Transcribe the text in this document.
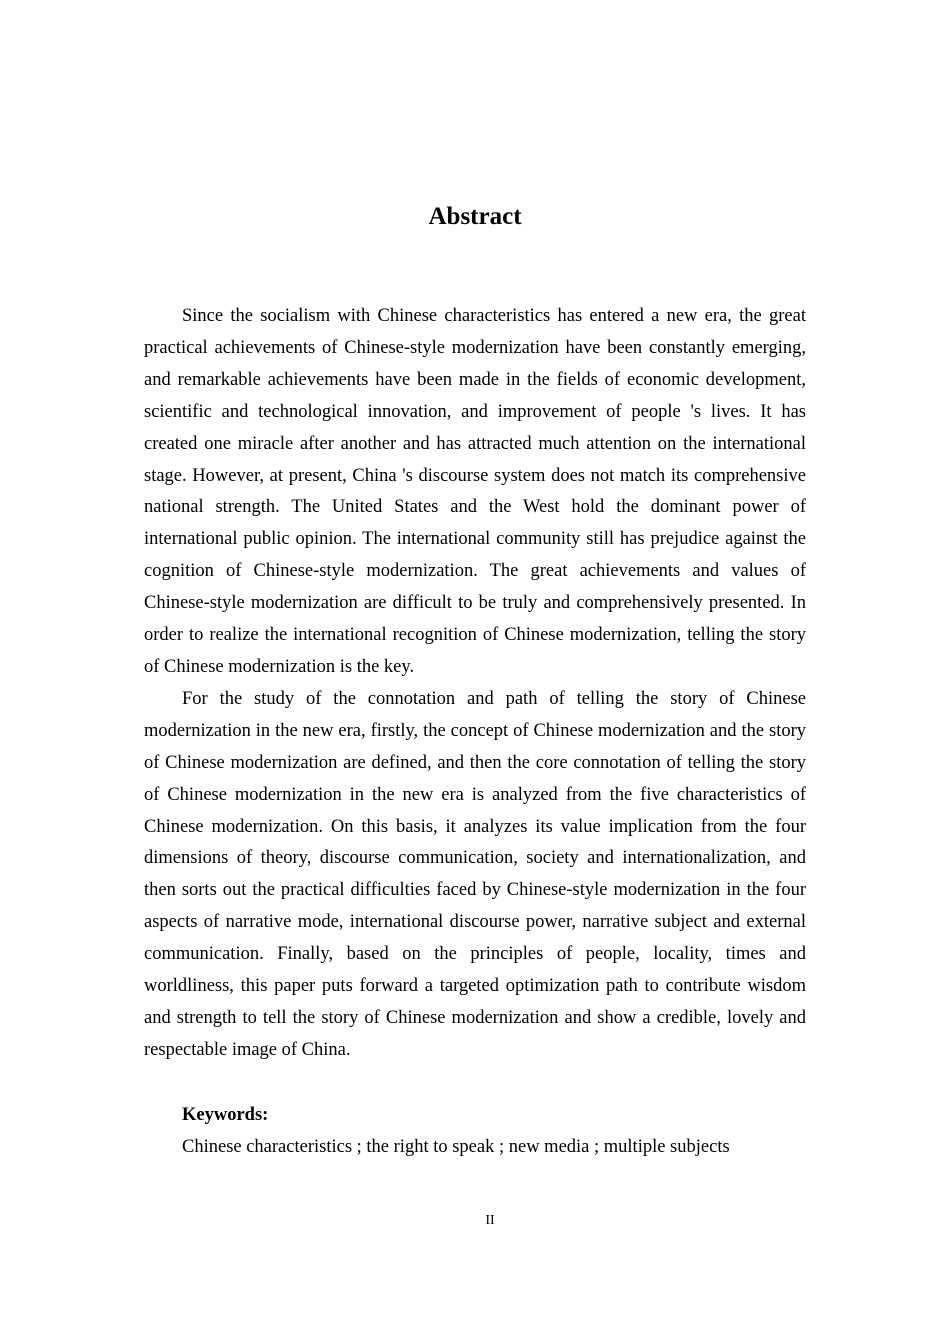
Abstract

Since the socialism with Chinese characteristics has entered a new era, the great practical achievements of Chinese-style modernization have been constantly emerging, and remarkable achievements have been made in the fields of economic development, scientific and technological innovation, and improvement of people 's lives. It has created one miracle after another and has attracted much attention on the international stage. However, at present, China 's discourse system does not match its comprehensive national strength. The United States and the West hold the dominant power of international public opinion. The international community still has prejudice against the cognition of Chinese-style modernization. The great achievements and values of Chinese-style modernization are difficult to be truly and comprehensively presented. In order to realize the international recognition of Chinese modernization, telling the story of Chinese modernization is the key.

For the study of the connotation and path of telling the story of Chinese modernization in the new era, firstly, the concept of Chinese modernization and the story of Chinese modernization are defined, and then the core connotation of telling the story of Chinese modernization in the new era is analyzed from the five characteristics of Chinese modernization. On this basis, it analyzes its value implication from the four dimensions of theory, discourse communication, society and internationalization, and then sorts out the practical difficulties faced by Chinese-style modernization in the four aspects of narrative mode, international discourse power, narrative subject and external communication. Finally, based on the principles of people, locality, times and worldliness, this paper puts forward a targeted optimization path to contribute wisdom and strength to tell the story of Chinese modernization and show a credible, lovely and respectable image of China.

Keywords:

Chinese characteristics ; the right to speak ; new media ; multiple subjects

II
